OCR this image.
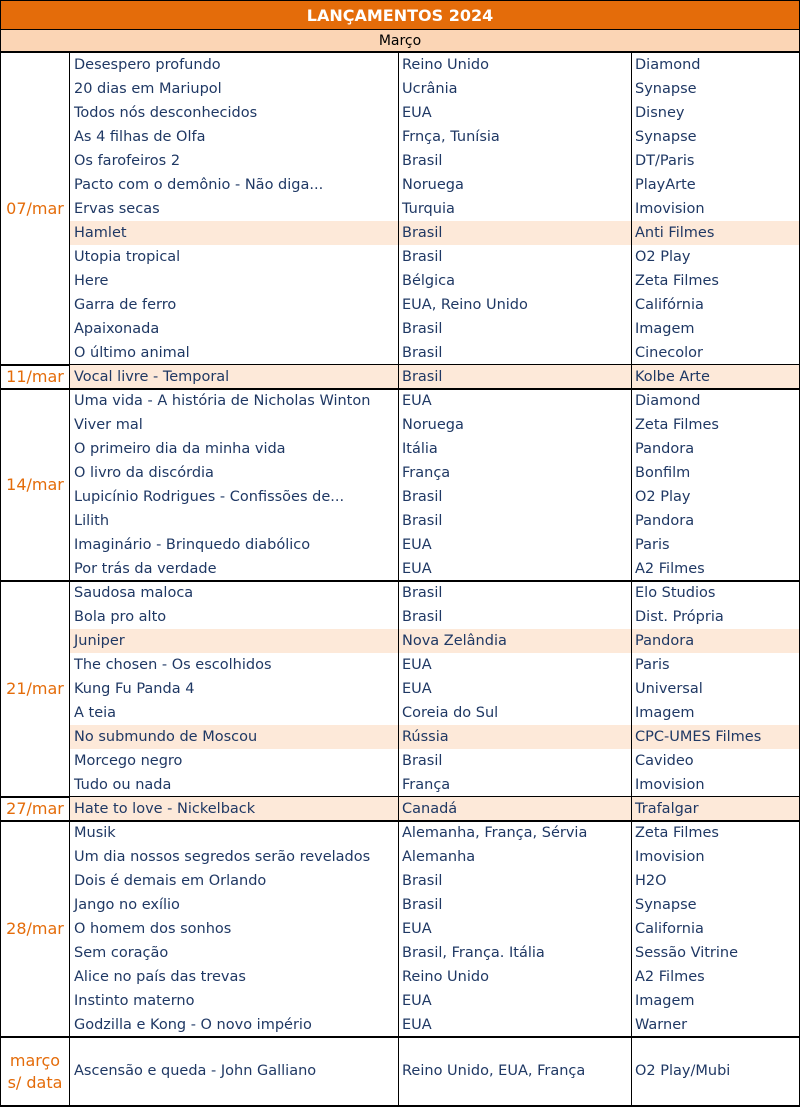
LANÇAMENTOS 2024
Março
07/mar
Desespero profundo	Reino Unido	Diamond
20 dias em Mariupol	Ucrânia	Synapse
Todos nós desconhecidos	EUA	Disney
As 4 filhas de Olfa	Frnça, Tunísia	Synapse
Os farofeiros 2	Brasil	DT/Paris
Pacto com o demônio - Não diga...	Noruega	PlayArte
Ervas secas	Turquia	Imovision
Hamlet	Brasil	Anti Filmes
Utopia tropical	Brasil	O2 Play
Here	Bélgica	Zeta Filmes
Garra de ferro	EUA, Reino Unido	Califórnia
Apaixonada	Brasil	Imagem
O último animal	Brasil	Cinecolor
11/mar Vocal livre - Temporal	Brasil	Kolbe Arte
14/mar
Uma vida - A história de Nicholas Winton	EUA	Diamond
Viver mal	Noruega	Zeta Filmes
O primeiro dia da minha vida	Itália	Pandora
O livro da discórdia	França	Bonfilm
Lupicínio Rodrigues - Confissões de...	Brasil	O2 Play
Lilith	Brasil	Pandora
Imaginário - Brinquedo diabólico	EUA	Paris
Por trás da verdade	EUA	A2 Filmes
21/mar
Saudosa maloca	Brasil	Elo Studios
Bola pro alto	Brasil	Dist. Própria
Juniper	Nova Zelândia	Pandora
The chosen - Os escolhidos	EUA	Paris
Kung Fu Panda 4	EUA	Universal
A teia	Coreia do Sul	Imagem
No submundo de Moscou	Rússia	CPC-UMES Filmes
Morcego negro	Brasil	Cavideo
Tudo ou nada	França	Imovision
27/mar Hate to love - Nickelback	Canadá	Trafalgar
28/mar
Musik	Alemanha, França, Sérvia	Zeta Filmes
Um dia nossos segredos serão revelados	Alemanha	Imovision
Dois é demais em Orlando	Brasil	H2O
Jango no exílio	Brasil	Synapse
O homem dos sonhos	EUA	California
Sem coração	Brasil, França. Itália	Sessão Vitrine
Alice no país das trevas	Reino Unido	A2 Filmes
Instinto materno	EUA	Imagem
Godzilla e Kong - O novo império	EUA	Warner
março s/ data
Ascensão e queda - John Galliano	Reino Unido, EUA, França	O2 Play/Mubi
